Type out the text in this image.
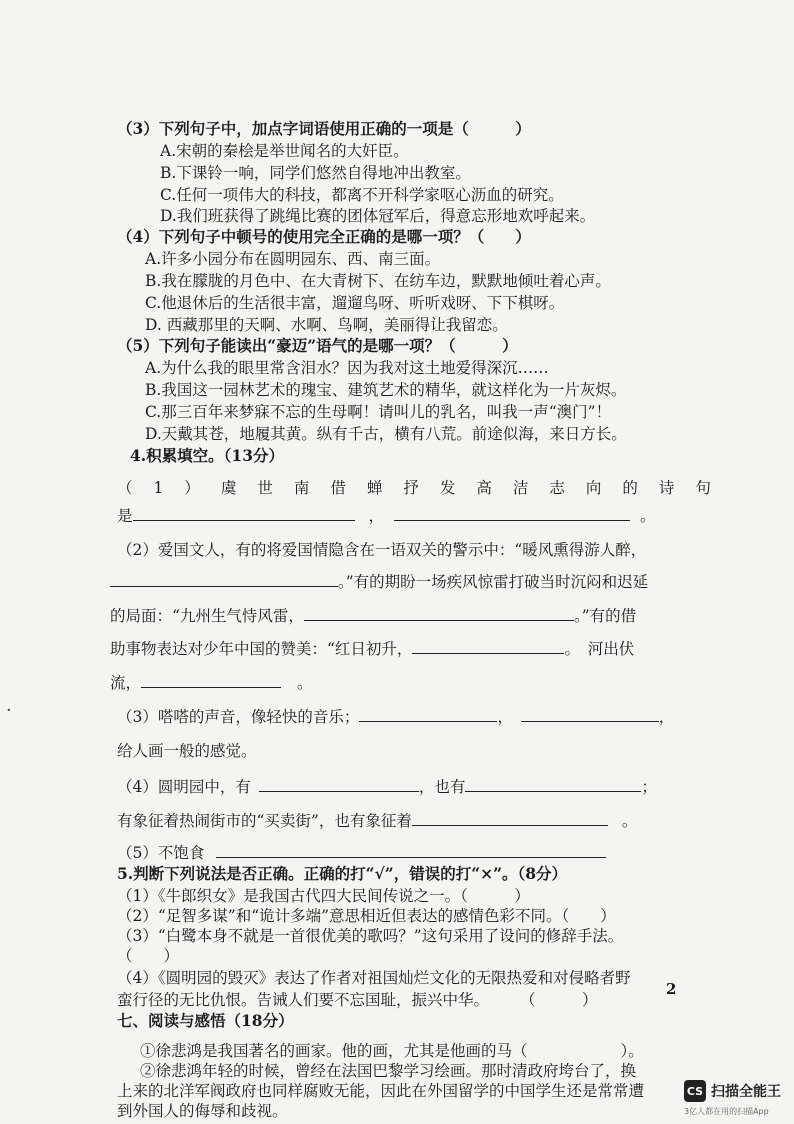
（3）下列句子中，加点字词语使用正确的一项是（　　　）
A.宋朝的秦桧是举世闻名的大奸臣。
B.下课铃一响，同学们悠然自得地冲出教室。
C.任何一项伟大的科技，都离不开科学家呕心沥血的研究。
D.我们班获得了跳绳比赛的团体冠军后，得意忘形地欢呼起来。
（4）下列句子中顿号的使用完全正确的是哪一项？（　　）
A.许多小园分布在圆明园东、西、南三面。
B.我在朦胧的月色中、在大青树下、在纺车边，默默地倾吐着心声。
C.他退休后的生活很丰富，遛遛鸟呀、听听戏呀、下下棋呀。
D. 西藏那里的天啊、水啊、鸟啊，美丽得让我留恋。
（5）下列句子能读出“豪迈”语气的是哪一项？（　　　）
A.为什么我的眼里常含泪水？因为我对这土地爱得深沉……
B.我国这一园林艺术的瑰宝、建筑艺术的精华，就这样化为一片灰烬。
C.那三百年来梦寐不忘的生母啊！请叫儿的乳名，叫我一声“澳门”！
D.天戴其苍，地履其黄。纵有千古，横有八荒。前途似海，来日方长。
4.积累填空。（13分）
（1）虞世南借蝉抒发高洁志向的诗句
是	，	。
（2）爱国文人，有的将爱国情隐含在一语双关的警示中：“暖风熏得游人醉，
。”有的期盼一场疾风惊雷打破当时沉闷和迟延
的局面：“九州生气恃风雷，	。”有的借
助事物表达对少年中国的赞美：“红日初升，	。　河出伏
流，	。
（3）嗒嗒的声音，像轻快的音乐；	，	，
给人画一般的感觉。
（4）圆明园中，有	，也有	；
有象征着热闹街市的“买卖街”，也有象征着	。
（5）不饱食
5.判断下列说法是否正确。正确的打“√”，错误的打“×”。（8分）
（1）《牛郎织女》是我国古代四大民间传说之一。（　　　）
（2）“足智多谋”和“诡计多端”意思相近但表达的感情色彩不同。（　　）
（3）“白鹭本身不就是一首很优美的歌吗？”这句采用了设问的修辞手法。
（　　）
（4）《圆明园的毁灭》表达了作者对祖国灿烂文化的无限热爱和对侵略者野
蛮行径的无比仇恨。告诫人们要不忘国耻，振兴中华。　　　（　　　）
七、阅读与感悟（18分）
①徐悲鸿是我国著名的画家。他的画，尤其是他画的马（　　　　　　）。
②徐悲鸿年轻的时候，曾经在法国巴黎学习绘画。那时清政府垮台了，换
上来的北洋军阀政府也同样腐败无能，因此在外国留学的中国学生还是常常遭
到外国人的侮辱和歧视。
2
·
CS 扫描全能王
3亿人都在用的扫描App
